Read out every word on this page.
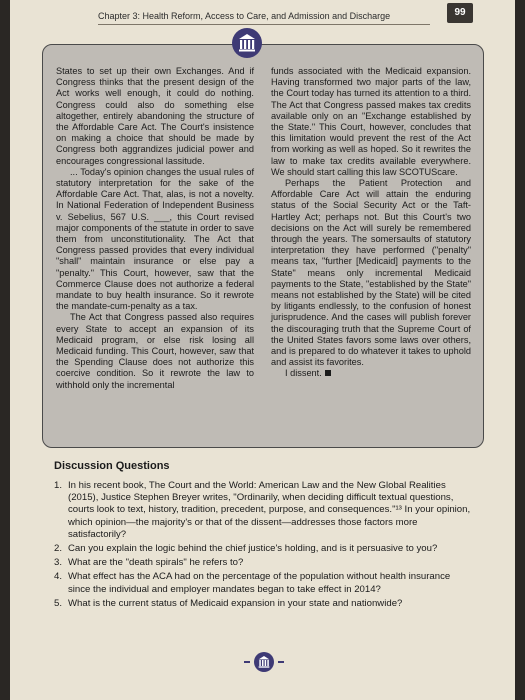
Chapter 3: Health Reform, Access to Care, and Admission and Discharge	99

States to set up their own Exchanges. And if Congress thinks that the present design of the Act works well enough, it could do nothing. Congress could also do something else altogether, entirely abandoning the structure of the Affordable Care Act. The Court's insistence on making a choice that should be made by Congress both aggrandizes judicial power and encourages congressional lassitude.

... Today's opinion changes the usual rules of statutory interpretation for the sake of the Affordable Care Act. That, alas, is not a novelty. In National Federation of Independent Business v. Sebelius, 567 U.S. ___, this Court revised major components of the statute in order to save them from unconstitutionality. The Act that Congress passed provides that every individual "shall" maintain insurance or else pay a "penalty." This Court, however, saw that the Commerce Clause does not authorize a federal mandate to buy health insurance. So it rewrote the mandate-cum-penalty as a tax.

The Act that Congress passed also requires every State to accept an expansion of its Medicaid program, or else risk losing all Medicaid funding. This Court, however, saw that the Spending Clause does not authorize this coercive condition. So it rewrote the law to withhold only the incremental

funds associated with the Medicaid expansion. Having transformed two major parts of the law, the Court today has turned its attention to a third. The Act that Congress passed makes tax credits available only on an "Exchange established by the State." This Court, however, concludes that this limitation would prevent the rest of the Act from working as well as hoped. So it rewrites the law to make tax credits available everywhere. We should start calling this law SCOTUScare.

Perhaps the Patient Protection and Affordable Care Act will attain the enduring status of the Social Security Act or the Taft-Hartley Act; perhaps not. But this Court's two decisions on the Act will surely be remembered through the years. The somersaults of statutory interpretation they have performed ("penalty" means tax, "further [Medicaid] payments to the State" means only incremental Medicaid payments to the State, "established by the State" means not established by the State) will be cited by litigants endlessly, to the confusion of honest jurisprudence. And the cases will publish forever the discouraging truth that the Supreme Court of the United States favors some laws over others, and is prepared to do whatever it takes to uphold and assist its favorites.

I dissent.

Discussion Questions
1. In his recent book, The Court and the World: American Law and the New Global Realities (2015), Justice Stephen Breyer writes, "Ordinarily, when deciding difficult textual questions, courts look to text, history, tradition, precedent, purpose, and consequences."¹³ In your opinion, which opinion—the majority's or that of the dissent—addresses those factors more satisfactorily?
2. Can you explain the logic behind the chief justice's holding, and is it persuasive to you?
3. What are the "death spirals" he refers to?
4. What effect has the ACA had on the percentage of the population without health insurance since the individual and employer mandates began to take effect in 2014?
5. What is the current status of Medicaid expansion in your state and nationwide?
